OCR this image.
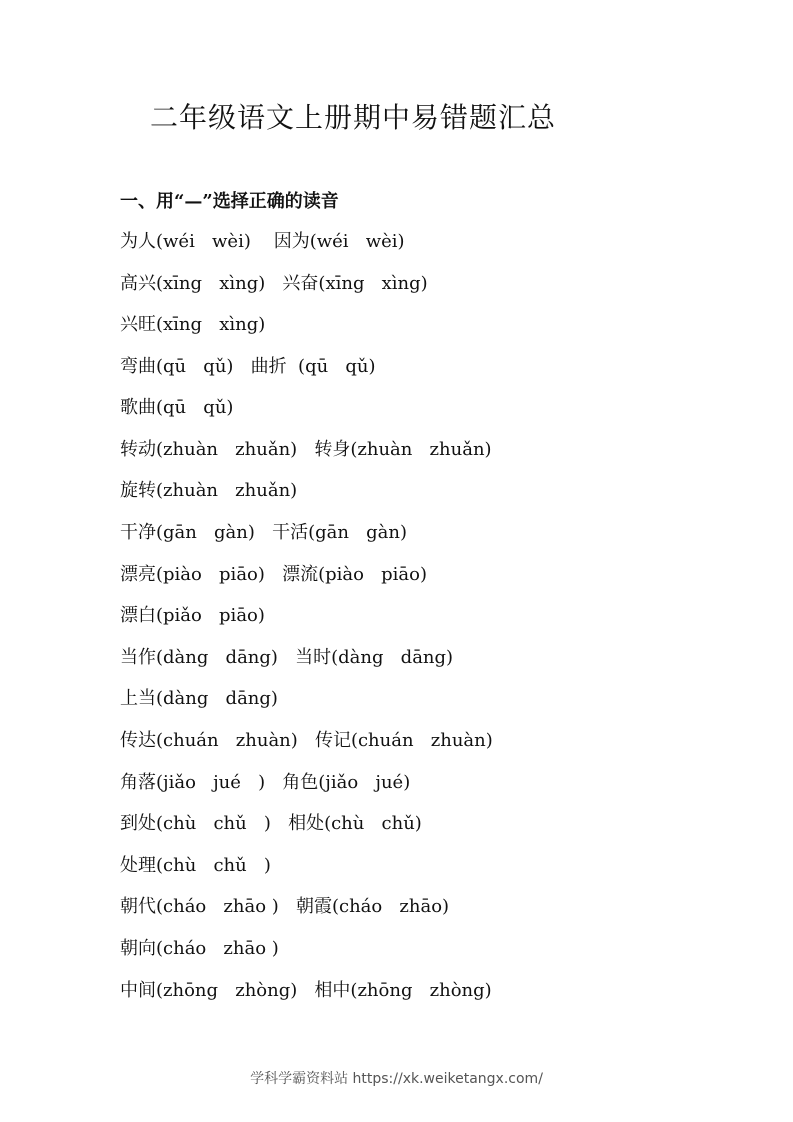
二年级语文上册期中易错题汇总
一、用“—”选择正确的读音
为人(wéi   wèi)    因为(wéi   wèi)
高兴(xīng   xìng)   兴奋(xīng   xìng)
兴旺(xīng   xìng)
弯曲(qū   qǔ)   曲折  (qū   qǔ)
歌曲(qū   qǔ)
转动(zhuàn   zhuǎn)   转身(zhuàn   zhuǎn)
旋转(zhuàn   zhuǎn)
干净(gān   gàn)   干活(gān   gàn)
漂亮(piào   piāo)   漂流(piào   piāo)
漂白(piǎo   piāo)
当作(dàng   dāng)   当时(dàng   dāng)
上当(dàng   dāng)
传达(chuán   zhuàn)   传记(chuán   zhuàn)
角落(jiǎo   jué   )   角色(jiǎo   jué)
到处(chù   chǔ   )   相处(chù   chǔ)
处理(chù   chǔ   )
朝代(cháo   zhāo )   朝霞(cháo   zhāo)
朝向(cháo   zhāo )
中间(zhōng   zhòng)   相中(zhōng   zhòng)
学科学霸资料站 https://xk.weiketangx.com/
